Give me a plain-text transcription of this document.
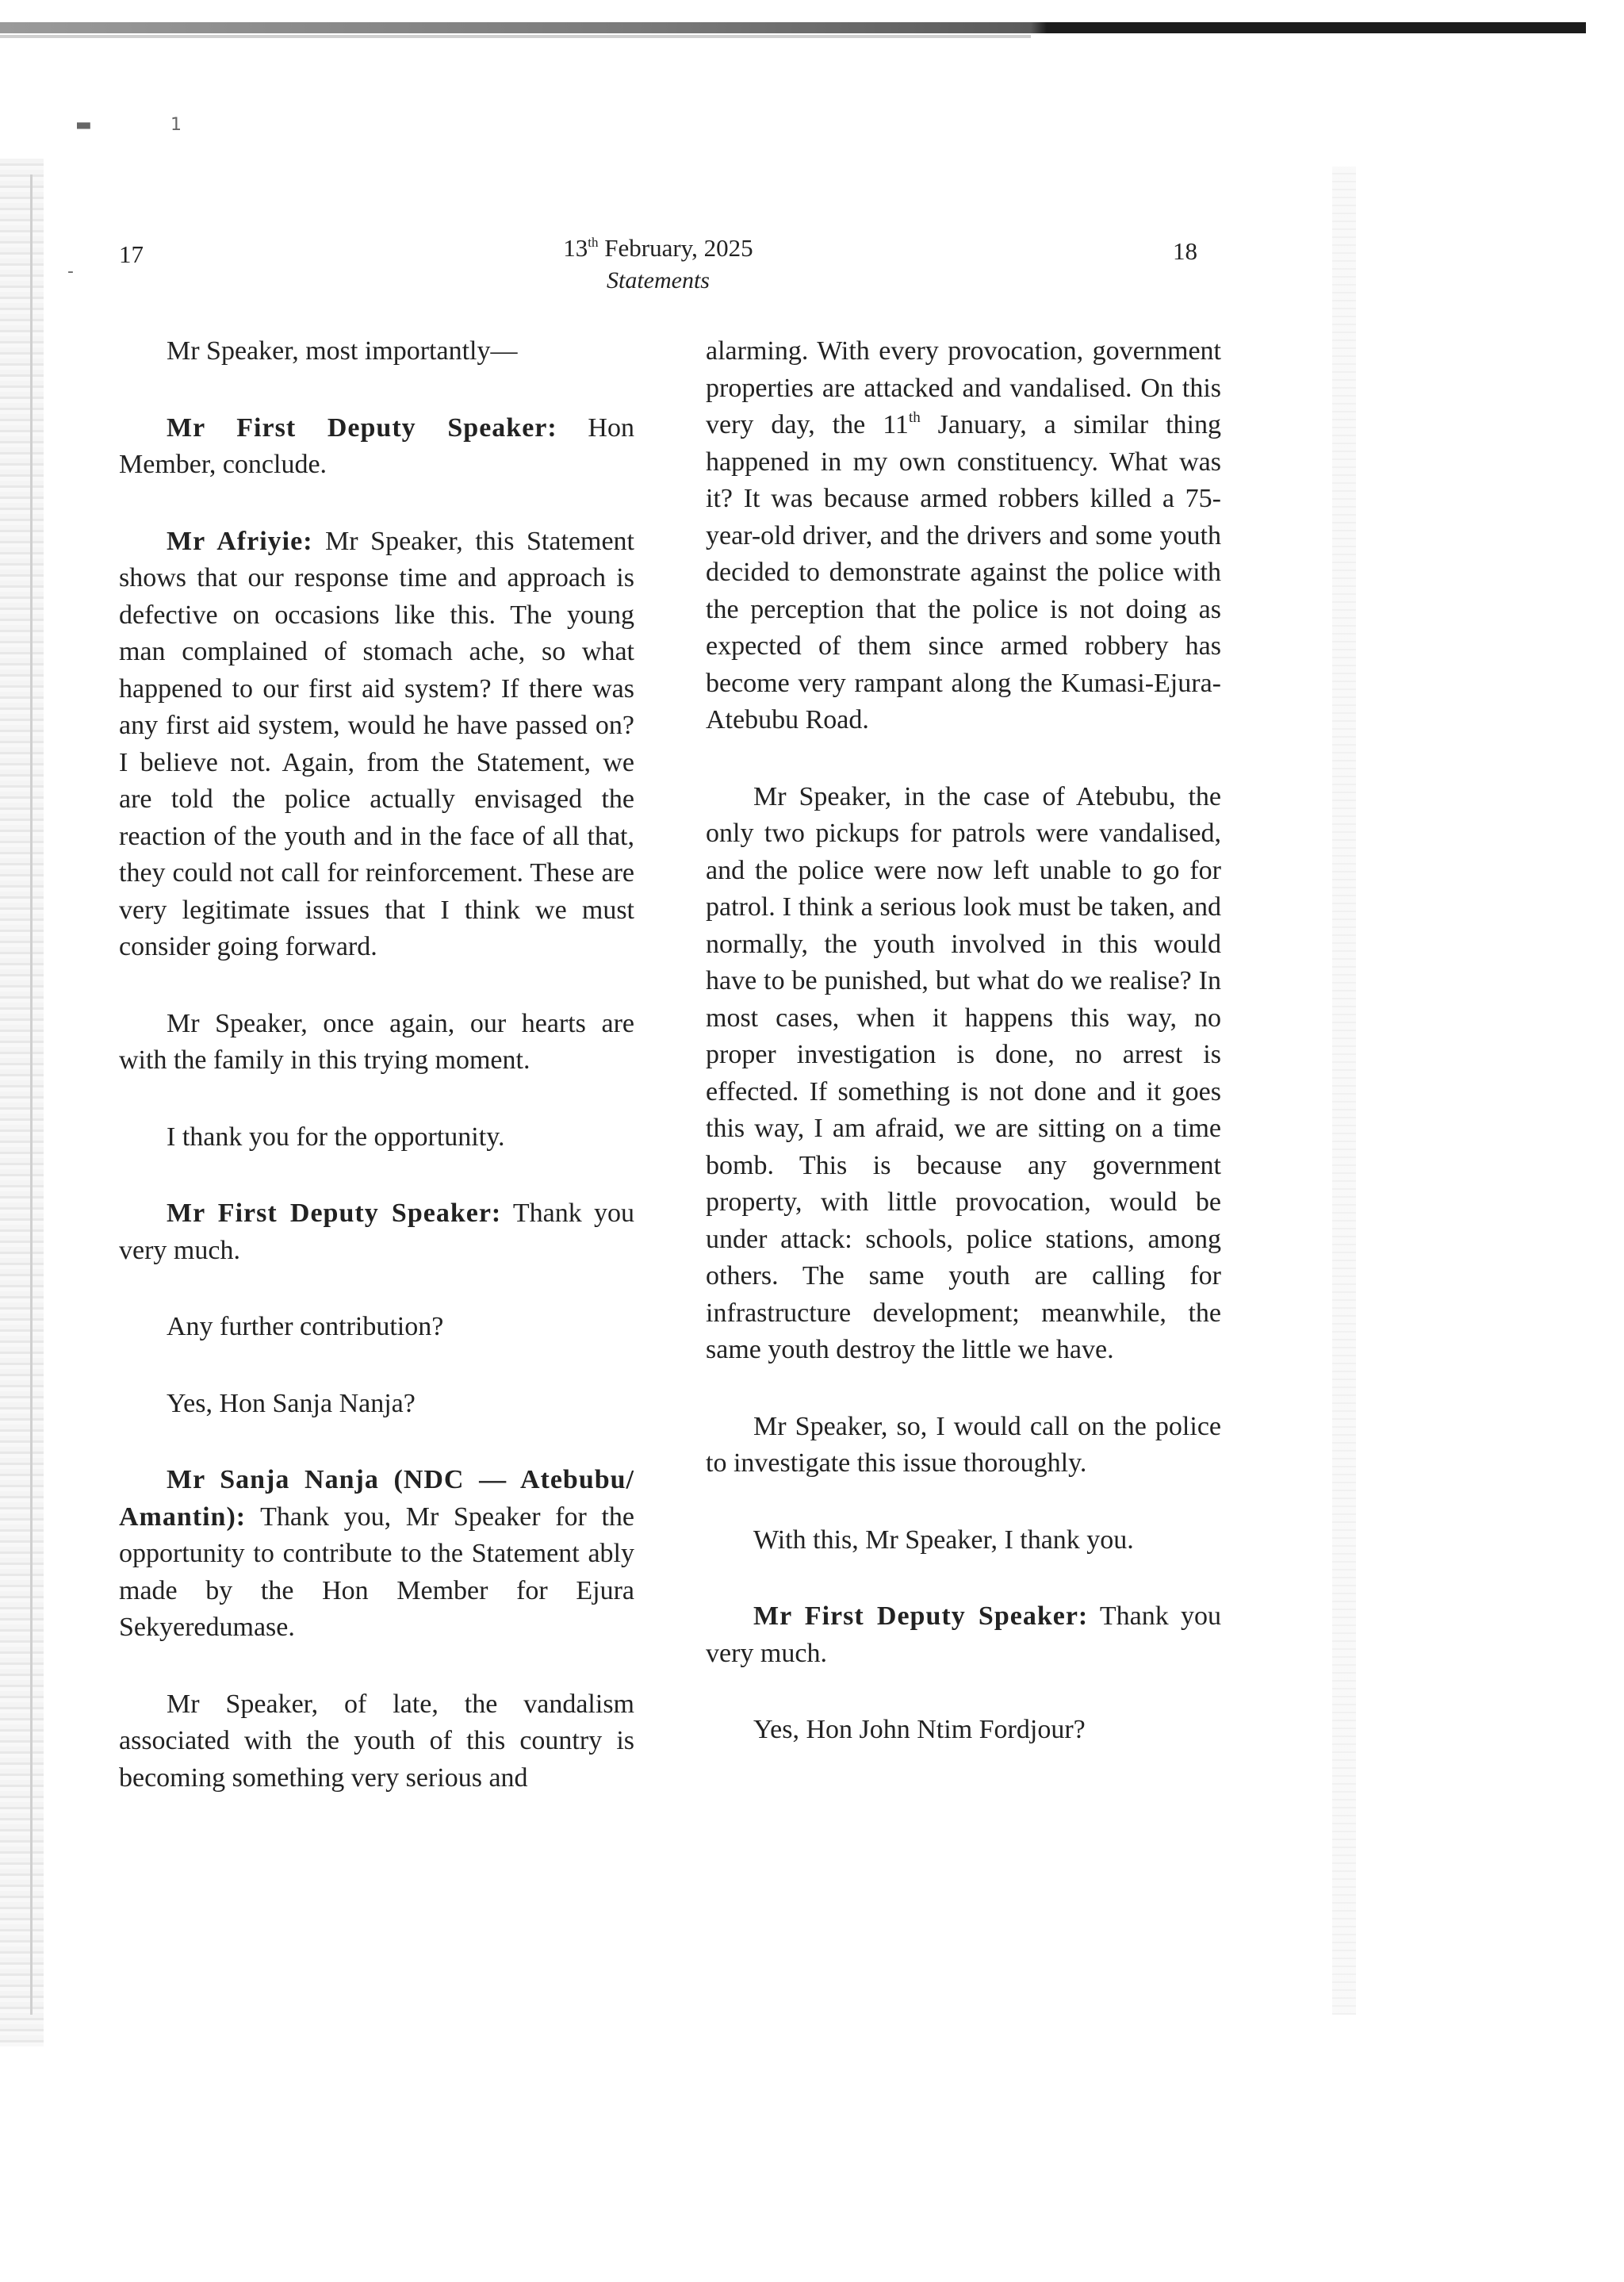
▬	1
-
17	13th February, 2025
Statements
18

Mr Speaker, most importantly—

Mr First Deputy Speaker: Hon Member, conclude.

Mr Afriyie: Mr Speaker, this Statement shows that our response time and approach is defective on occasions like this. The young man complained of stomach ache, so what happened to our first aid system? If there was any first aid system, would he have passed on? I believe not. Again, from the Statement, we are told the police actually envisaged the reaction of the youth and in the face of all that, they could not call for reinforcement. These are very legitimate issues that I think we must consider going forward.

Mr Speaker, once again, our hearts are with the family in this trying moment.

I thank you for the opportunity.

Mr First Deputy Speaker: Thank you very much.

Any further contribution?

Yes, Hon Sanja Nanja?

Mr Sanja Nanja (NDC — Atebubu/ Amantin): Thank you, Mr Speaker for the opportunity to contribute to the Statement ably made by the Hon Member for Ejura Sekyeredumase.

Mr Speaker, of late, the vandalism associated with the youth of this country is becoming something very serious and

alarming. With every provocation, government properties are attacked and vandalised. On this very day, the 11th January, a similar thing happened in my own constituency. What was it? It was because armed robbers killed a 75-year-old driver, and the drivers and some youth decided to demonstrate against the police with the perception that the police is not doing as expected of them since armed robbery has become very rampant along the Kumasi-Ejura-Atebubu Road.

Mr Speaker, in the case of Atebubu, the only two pickups for patrols were vandalised, and the police were now left unable to go for patrol. I think a serious look must be taken, and normally, the youth involved in this would have to be punished, but what do we realise? In most cases, when it happens this way, no proper investigation is done, no arrest is effected. If something is not done and it goes this way, I am afraid, we are sitting on a time bomb. This is because any government property, with little provocation, would be under attack: schools, police stations, among others. The same youth are calling for infrastructure development; meanwhile, the same youth destroy the little we have.

Mr Speaker, so, I would call on the police to investigate this issue thoroughly.

With this, Mr Speaker, I thank you.

Mr First Deputy Speaker: Thank you very much.

Yes, Hon John Ntim Fordjour?
